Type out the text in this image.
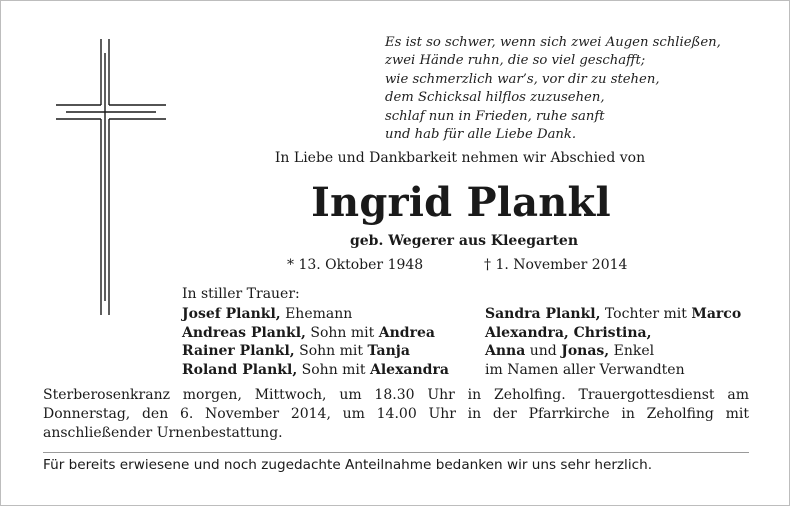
Es ist so schwer, wenn sich zwei Augen schließen,
zwei Hände ruhn, die so viel geschafft;
wie schmerzlich war’s, vor dir zu stehen,
dem Schicksal hilflos zuzusehen,
schlaf nun in Frieden, ruhe sanft
und hab für alle Liebe Dank.
In Liebe und Dankbarkeit nehmen wir Abschied von
Ingrid Plankl
geb. Wegerer aus Kleegarten
* 13. Oktober 1948	† 1. November 2014
In stiller Trauer:
Josef Plankl, Ehemann
Andreas Plankl, Sohn mit Andrea
Rainer Plankl, Sohn mit Tanja
Roland Plankl, Sohn mit Alexandra
Sandra Plankl, Tochter mit Marco
Alexandra, Christina,
Anna und Jonas, Enkel
im Namen aller Verwandten
Sterberosenkranz morgen, Mittwoch, um 18.30 Uhr in Zeholfing. Trauergottesdienst am Donnerstag, den 6. November 2014, um 14.00 Uhr in der Pfarrkirche in Zeholfing mit anschließender Urnenbestattung.
Für bereits erwiesene und noch zugedachte Anteilnahme bedanken wir uns sehr herzlich.
